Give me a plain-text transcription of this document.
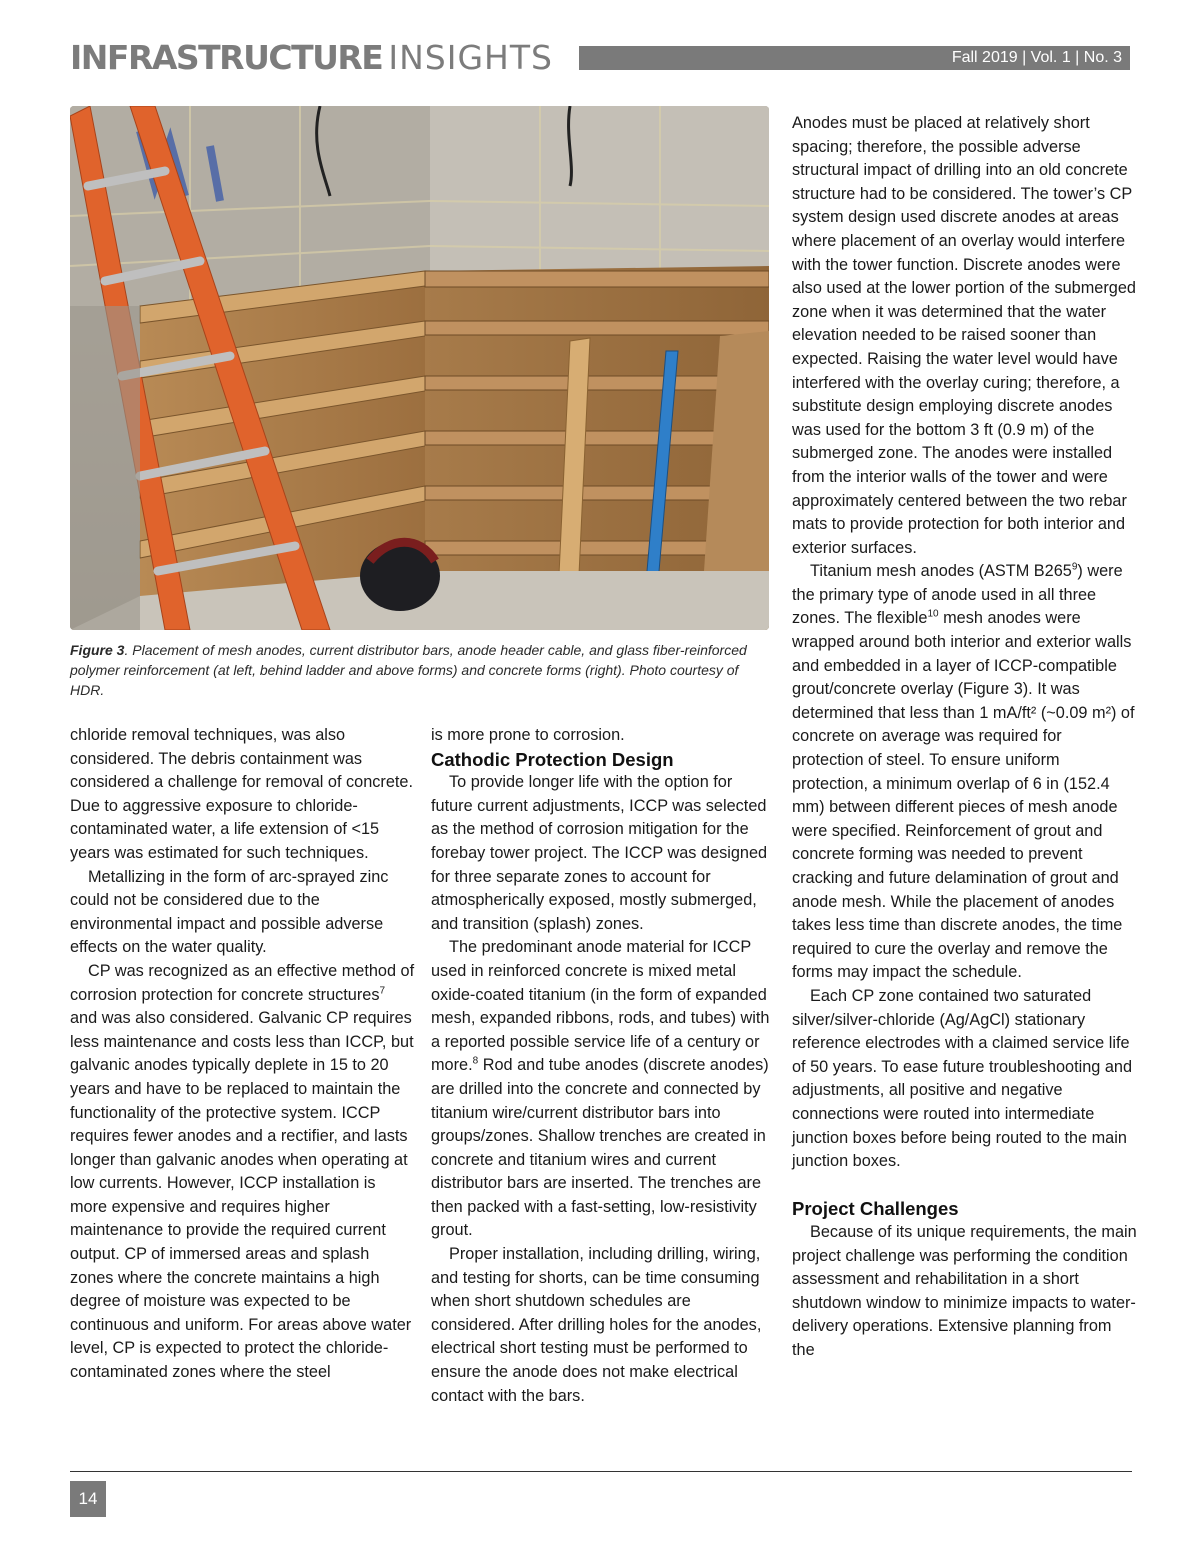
INFRASTRUCTURE INSIGHTS	Fall 2019 | Vol. 1 | No. 3
Figure 3. Placement of mesh anodes, current distributor bars, anode header cable, and glass fiber-reinforced polymer reinforcement (at left, behind ladder and above forms) and concrete forms (right). Photo courtesy of HDR.

chloride removal techniques, was also considered. The debris containment was considered a challenge for removal of concrete. Due to aggressive exposure to chloride-contaminated water, a life extension of <15 years was estimated for such techniques.

Metallizing in the form of arc-sprayed zinc could not be considered due to the environmental impact and possible adverse effects on the water quality.

CP was recognized as an effective method of corrosion protection for concrete structures$^7$ and was also considered. Galvanic CP requires less maintenance and costs less than ICCP, but galvanic anodes typically deplete in 15 to 20 years and have to be replaced to maintain the functionality of the protective system. ICCP requires fewer anodes and a rectifier, and lasts longer than galvanic anodes when operating at low currents. However, ICCP installation is more expensive and requires higher maintenance to provide the required current output. CP of immersed areas and splash zones where the concrete maintains a high degree of moisture was expected to be continuous and uniform. For areas above water level, CP is expected to protect the chloride-contaminated zones where the steel

is more prone to corrosion.

Cathodic Protection Design

To provide longer life with the option for future current adjustments, ICCP was selected as the method of corrosion mitigation for the forebay tower project. The ICCP was designed for three separate zones to account for atmospherically exposed, mostly submerged, and transition (splash) zones.

The predominant anode material for ICCP used in reinforced concrete is mixed metal oxide-coated titanium (in the form of expanded mesh, expanded ribbons, rods, and tubes) with a reported possible service life of a century or more.$^8$ Rod and tube anodes (discrete anodes) are drilled into the concrete and connected by titanium wire/current distributor bars into groups/zones. Shallow trenches are created in concrete and titanium wires and current distributor bars are inserted. The trenches are then packed with a fast-setting, low-resistivity grout.

Proper installation, including drilling, wiring, and testing for shorts, can be time consuming when short shutdown schedules are considered. After drilling holes for the anodes, electrical short testing must be performed to ensure the anode does not make electrical contact with the bars.

Anodes must be placed at relatively short spacing; therefore, the possible adverse structural impact of drilling into an old concrete structure had to be considered. The tower’s CP system design used discrete anodes at areas where placement of an overlay would interfere with the tower function. Discrete anodes were also used at the lower portion of the submerged zone when it was determined that the water elevation needed to be raised sooner than expected. Raising the water level would have interfered with the overlay curing; therefore, a substitute design employing discrete anodes was used for the bottom 3 ft (0.9 m) of the submerged zone. The anodes were installed from the interior walls of the tower and were approximately centered between the two rebar mats to provide protection for both interior and exterior surfaces.

Titanium mesh anodes (ASTM $B265^9$) were the primary type of anode used in all three zones. The flexible$^{10}$ mesh anodes were wrapped around both interior and exterior walls and embedded in a layer of ICCP-compatible grout/concrete overlay (Figure 3). It was determined that less than 1 mA/ft² (~0.09 m²) of concrete on average was required for protection of steel. To ensure uniform protection, a minimum overlap of 6 in (152.4 mm) between different pieces of mesh anode were specified. Reinforcement of grout and concrete forming was needed to prevent cracking and future delamination of grout and anode mesh. While the placement of anodes takes less time than discrete anodes, the time required to cure the overlay and remove the forms may impact the schedule.

Each CP zone contained two saturated silver/silver-chloride (Ag/AgCl) stationary reference electrodes with a claimed service life of 50 years. To ease future troubleshooting and adjustments, all positive and negative connections were routed into intermediate junction boxes before being routed to the main junction boxes.

Project Challenges

Because of its unique requirements, the main project challenge was performing the condition assessment and rehabilitation in a short shutdown window to minimize impacts to water-delivery operations. Extensive planning from the

14
